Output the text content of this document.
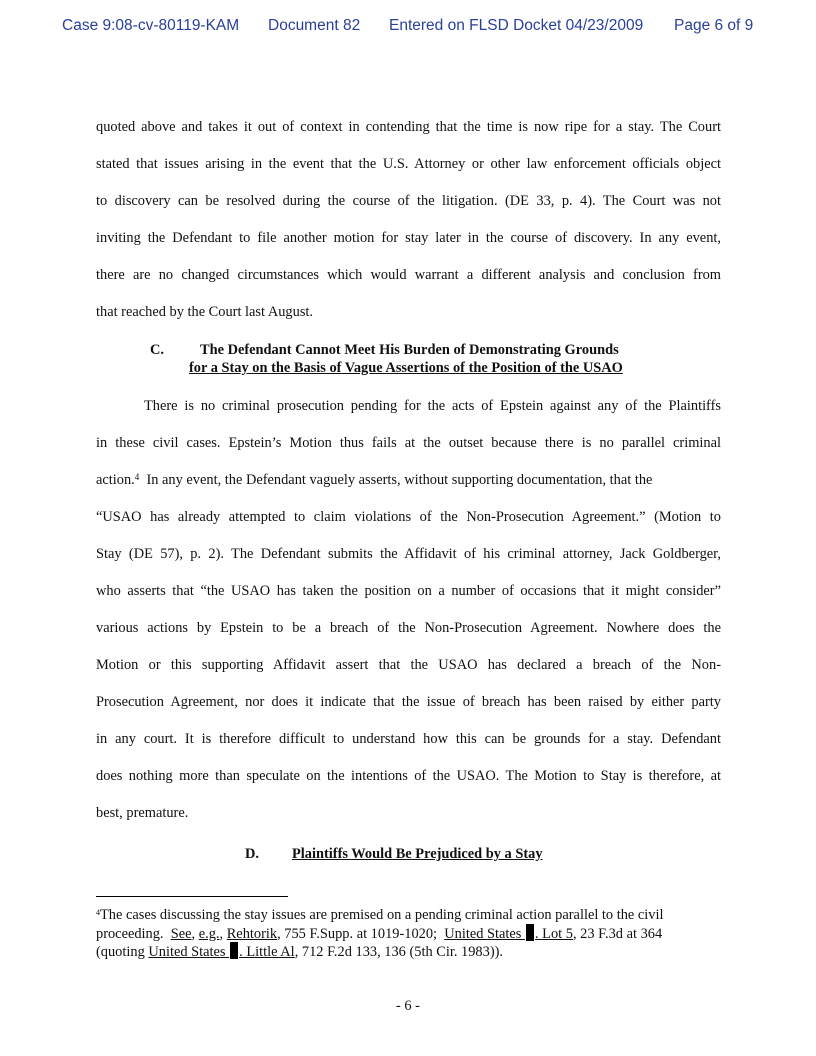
Case 9:08-cv-80119-KAM Document 82 Entered on FLSD Docket 04/23/2009 Page 6 of 9
quoted above and takes it out of context in contending that the time is now ripe for a stay. The Court
stated that issues arising in the event that the U.S. Attorney or other law enforcement officials object
to discovery can be resolved during the course of the litigation. (DE 33, p. 4). The Court was not
inviting the Defendant to file another motion for stay later in the course of discovery. In any event,
there are no changed circumstances which would warrant a different analysis and conclusion from
that reached by the Court last August.
C.	The Defendant Cannot Meet His Burden of Demonstrating Grounds
for a Stay on the Basis of Vague Assertions of the Position of the USAO
There is no criminal prosecution pending for the acts of Epstein against any of the Plaintiffs
in these civil cases. Epstein’s Motion thus fails at the outset because there is no parallel criminal
action.$^4$  In any event, the Defendant vaguely asserts, without supporting documentation, that the
“USAO has already attempted to claim violations of the Non-Prosecution Agreement.” (Motion to
Stay (DE 57), p. 2). The Defendant submits the Affidavit of his criminal attorney, Jack Goldberger,
who asserts that “the USAO has taken the position on a number of occasions that it might consider”
various actions by Epstein to be a breach of the Non-Prosecution Agreement. Nowhere does the
Motion or this supporting Affidavit assert that the USAO has declared a breach of the Non-
Prosecution Agreement, nor does it indicate that the issue of breach has been raised by either party
in any court. It is therefore difficult to understand how this can be grounds for a stay. Defendant
does nothing more than speculate on the intentions of the USAO. The Motion to Stay is therefore, at
best, premature.
D. Plaintiffs Would Be Prejudiced by a Stay
$^4$The cases discussing the stay issues are premised on a pending criminal action parallel to the civil
proceeding.  See, e.g., Rehtorik, 755 F.Supp. at 1019-1020;  United States . Lot 5, 23 F.3d at 364
(quoting United States . Little Al, 712 F.2d 133, 136 (5th Cir. 1983)).
- 6 -
